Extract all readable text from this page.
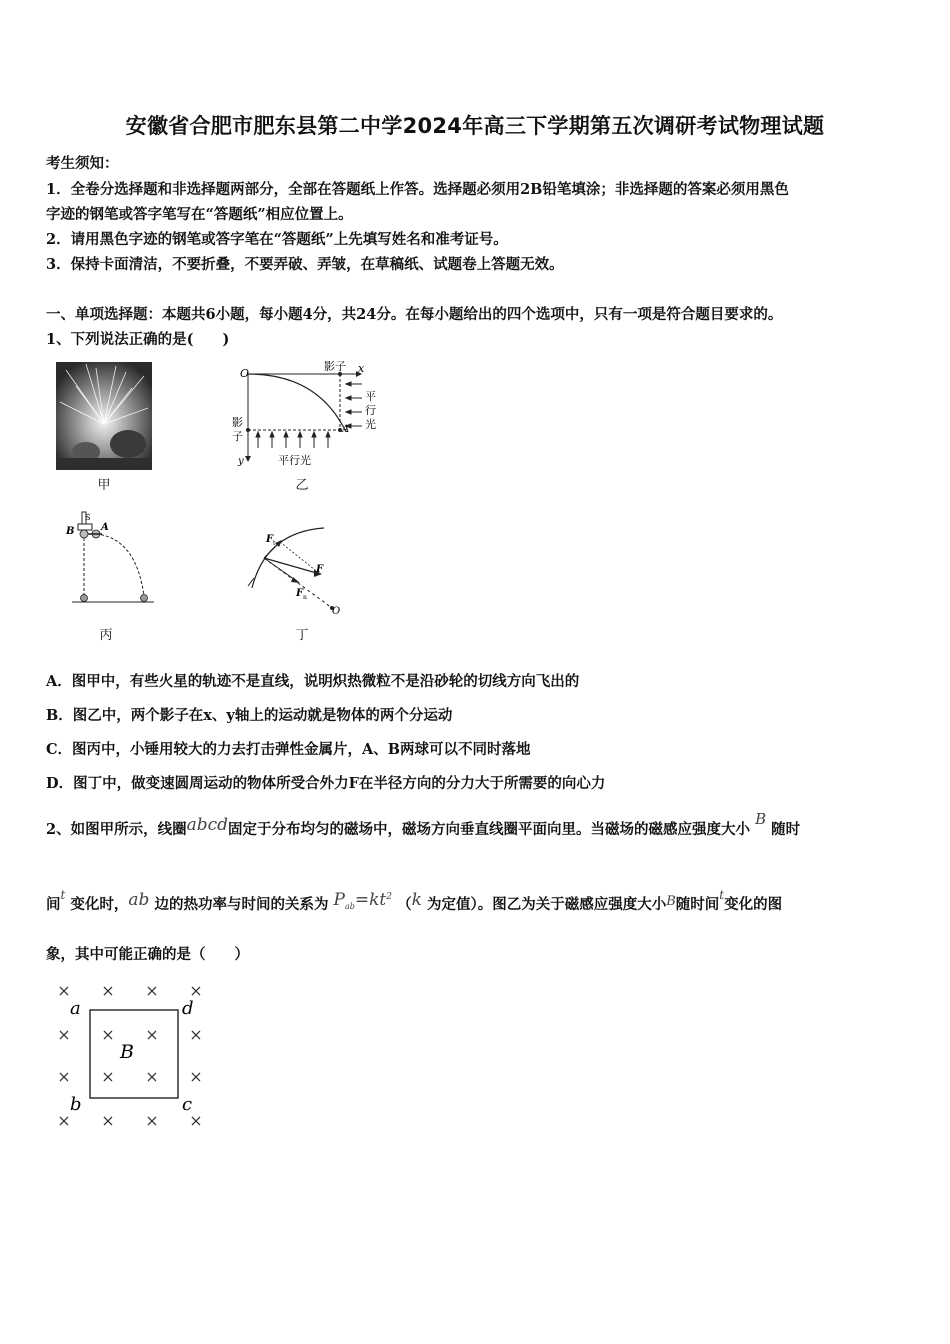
安徽省合肥市肥东县第二中学2024年高三下学期第五次调研考试物理试题
考生须知：
1．全卷分选择题和非选择题两部分，全部在答题纸上作答。选择题必须用2B铅笔填涂；非选择题的答案必须用黑色
字迹的钢笔或答字笔写在“答题纸”相应位置上。
2．请用黑色字迹的钢笔或答字笔在“答题纸”上先填写姓名和准考证号。
3．保持卡面清洁，不要折叠，不要弄破、弄皱，在草稿纸、试题卷上答题无效。
一、单项选择题：本题共6小题，每小题4分，共24分。在每小题给出的四个选项中，只有一项是符合题目要求的。
1、下列说法正确的是(　　)
甲
O
影子 x
平
行
光
A
影
子
y	平行光
乙
B	A
S
丙
F t
F
F n
O
丁
A．图甲中，有些火星的轨迹不是直线，说明炽热微粒不是沿砂轮的切线方向飞出的
B．图乙中，两个影子在x、y轴上的运动就是物体的两个分运动
C．图丙中，小锤用较大的力去打击弹性金属片，A、B两球可以不同时落地
D．图丁中，做变速圆周运动的物体所受合外力F在半径方向的分力大于所需要的向心力
2、如图甲所示，线圈abcd固定于分布均匀的磁场中，磁场方向垂直线圈平面向里。当磁场的磁感应强度大小 B 随时
间$^t$ 变化时，ab 边的热功率与时间的关系为 $Pab=kt^2$ （k 为定值）。图乙为关于磁感应强度大小B随时间$^t$变化的图
象，其中可能正确的是（　　）
× × × ×
× × × ×
× × × ×
× × × ×
a
b	c
d
B
